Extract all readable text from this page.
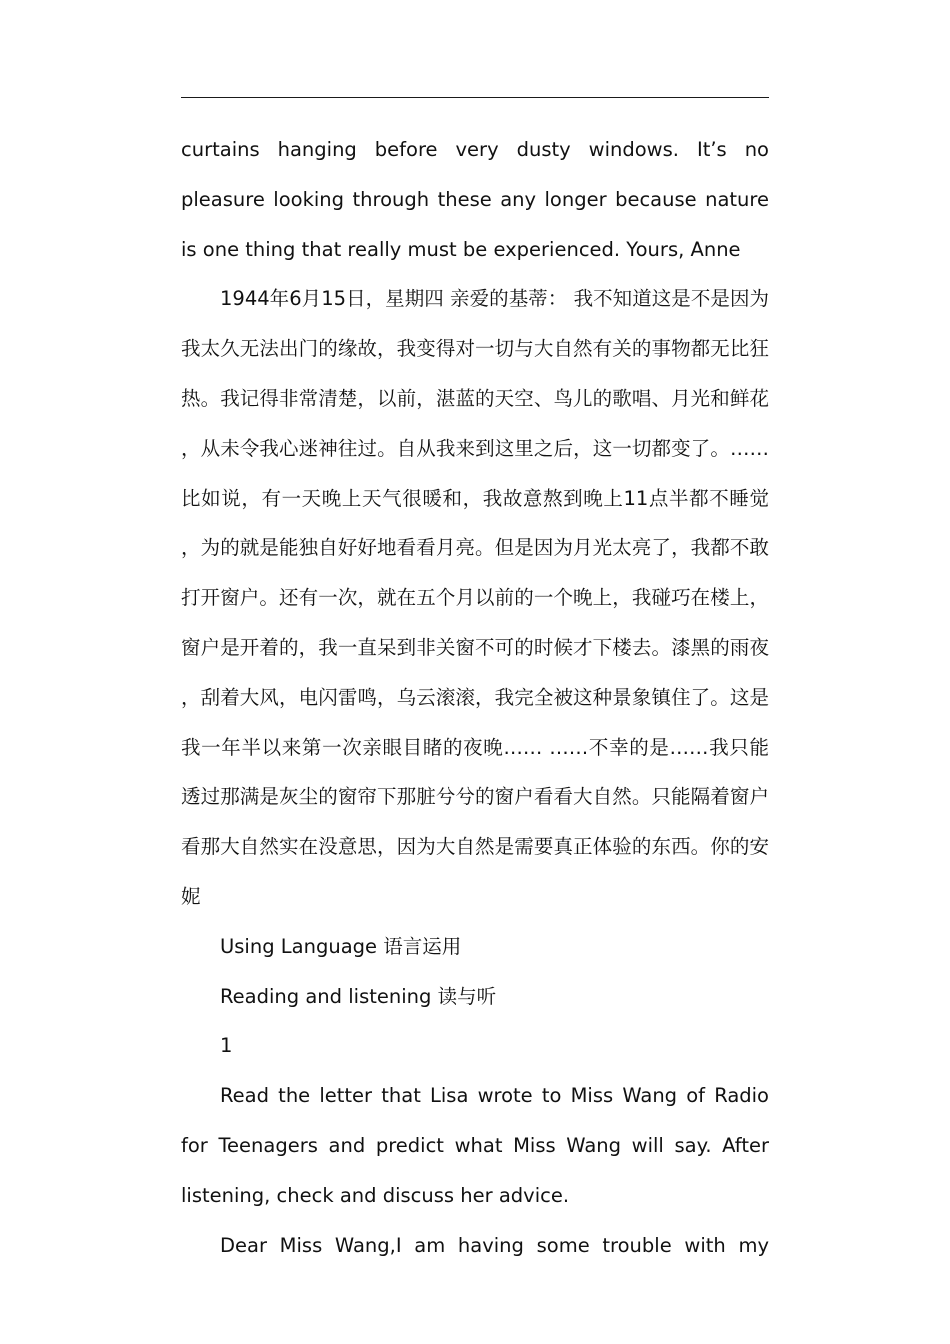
curtains hanging before very dusty windows. It’s no pleasure looking through these any longer because nature is one thing that really must be experienced. Yours, Anne

1944年6月15日，星期四 亲爱的基蒂： 我不知道这是不是因为我太久无法出门的缘故，我变得对一切与大自然有关的事物都无比狂热。我记得非常清楚，以前，湛蓝的天空、鸟儿的歌唱、月光和鲜花，从未令我心迷神往过。自从我来到这里之后，这一切都变了。……比如说，有一天晚上天气很暖和，我故意熬到晚上11点半都不睡觉，为的就是能独自好好地看看月亮。但是因为月光太亮了，我都不敢打开窗户。还有一次，就在五个月以前的一个晚上，我碰巧在楼上，窗户是开着的，我一直呆到非关窗不可的时候才下楼去。漆黑的雨夜，刮着大风，电闪雷鸣，乌云滚滚，我完全被这种景象镇住了。这是我一年半以来第一次亲眼目睹的夜晚…… ……不幸的是……我只能透过那满是灰尘的窗帘下那脏兮兮的窗户看看大自然。只能隔着窗户看那大自然实在没意思，因为大自然是需要真正体验的东西。你的安妮

Using Language 语言运用

Reading and listening 读与听

1

Read the letter that Lisa wrote to Miss Wang of Radio for Teenagers and predict what Miss Wang will say. After listening, check and discuss her advice.

Dear Miss Wang,I am having some trouble with my
